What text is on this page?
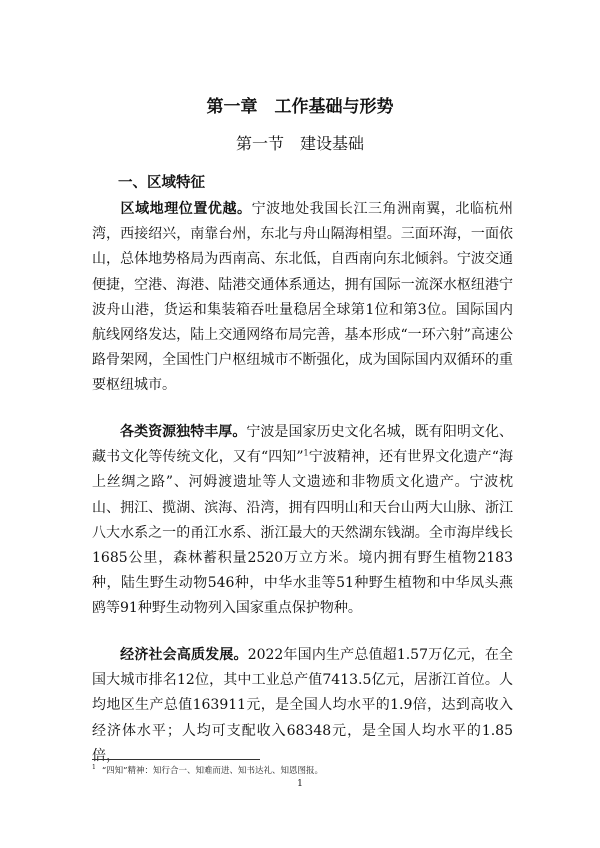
第一章　工作基础与形势
第一节　建设基础
一、区域特征

区域地理位置优越。宁波地处我国长江三角洲南翼，北临杭州湾，西接绍兴，南靠台州，东北与舟山隔海相望。三面环海，一面依山，总体地势格局为西南高、东北低，自西南向东北倾斜。宁波交通便捷，空港、海港、陆港交通体系通达，拥有国际一流深水枢纽港宁波舟山港，货运和集装箱吞吐量稳居全球第1位和第3位。国际国内航线网络发达，陆上交通网络布局完善，基本形成“一环六射”高速公路骨架网，全国性门户枢纽城市不断强化，成为国际国内双循环的重要枢纽城市。

各类资源独特丰厚。宁波是国家历史文化名城，既有阳明文化、藏书文化等传统文化，又有“四知”$^1$宁波精神，还有世界文化遗产“海上丝绸之路”、河姆渡遗址等人文遗迹和非物质文化遗产。宁波枕山、拥江、揽湖、滨海、沿湾，拥有四明山和天台山两大山脉、浙江八大水系之一的甬江水系、浙江最大的天然湖东钱湖。全市海岸线长1685公里，森林蓄积量2520万立方米。境内拥有野生植物2183种，陆生野生动物546种，中华水韭等51种野生植物和中华凤头燕鸥等91种野生动物列入国家重点保护物种。

经济社会高质发展。2022年国内生产总值超1.57万亿元，在全国大城市排名12位，其中工业总产值7413.5亿元，居浙江首位。人均地区生产总值163911元，是全国人均水平的1.9倍，达到高收入经济体水平；人均可支配收入68348元，是全国人均水平的1.85倍，

$^1$ “四知”精神：知行合一、知难而进、知书达礼、知恩图报。
1
